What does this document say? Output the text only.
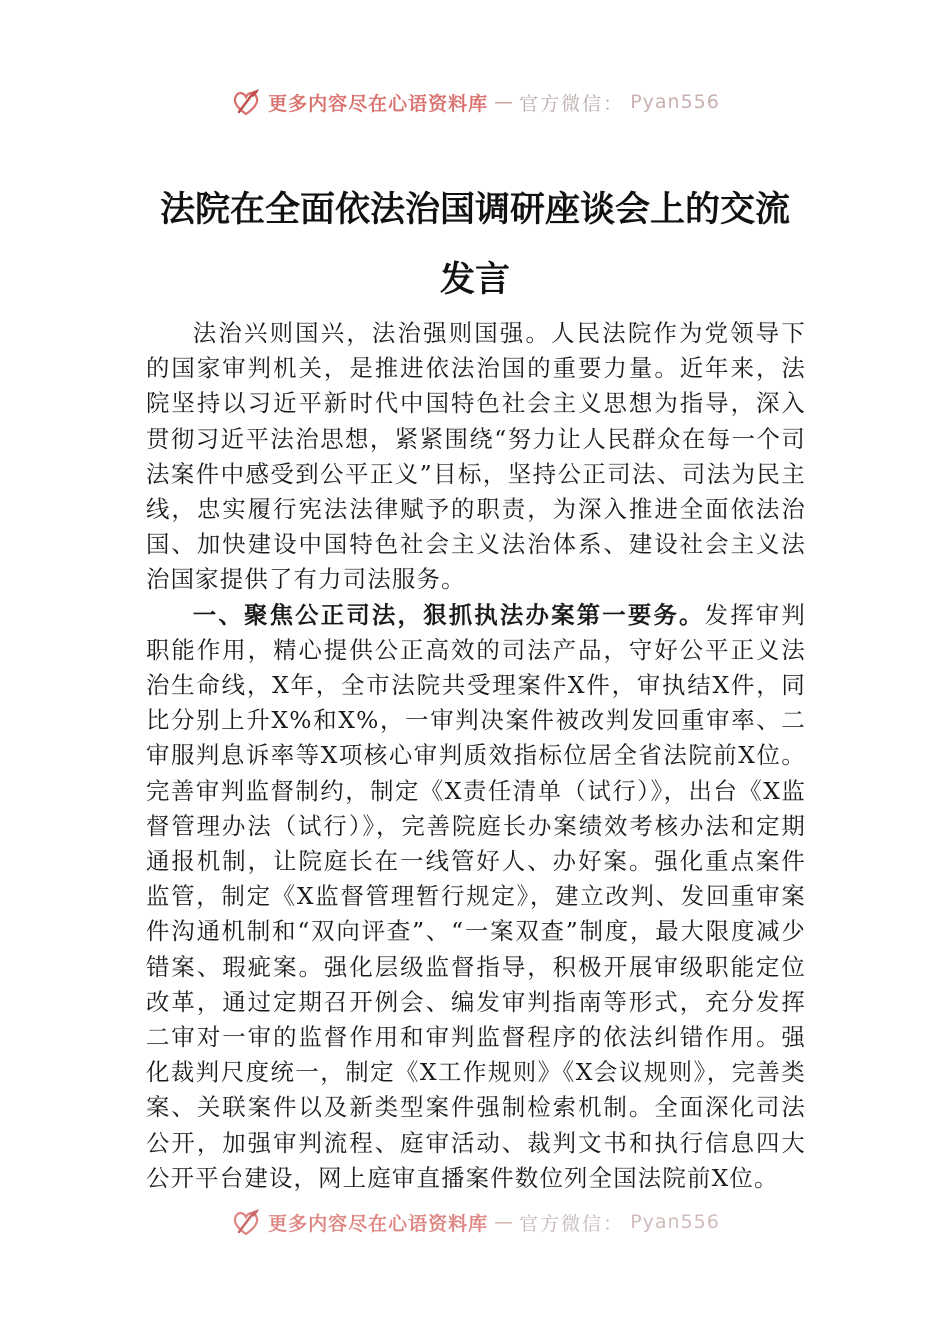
更多内容尽在心语资料库 — 官方微信： Pyan556
法院在全面依法治国调研座谈会上的交流
发言

法治兴则国兴，法治强则国强。人民法院作为党领导下的国家审判机关，是推进依法治国的重要力量。近年来，法院坚持以习近平新时代中国特色社会主义思想为指导，深入贯彻习近平法治思想，紧紧围绕“努力让人民群众在每一个司法案件中感受到公平正义”目标，坚持公正司法、司法为民主线，忠实履行宪法法律赋予的职责，为深入推进全面依法治国、加快建设中国特色社会主义法治体系、建设社会主义法治国家提供了有力司法服务。

一、聚焦公正司法，狠抓执法办案第一要务。发挥审判职能作用，精心提供公正高效的司法产品，守好公平正义法治生命线，X年，全市法院共受理案件X件，审执结X件，同比分别上升X%和X%，一审判决案件被改判发回重审率、二审服判息诉率等X项核心审判质效指标位居全省法院前X位。完善审判监督制约，制定《X责任清单（试行）》，出台《X监督管理办法（试行）》，完善院庭长办案绩效考核办法和定期通报机制，让院庭长在一线管好人、办好案。强化重点案件监管，制定《X监督管理暂行规定》，建立改判、发回重审案件沟通机制和“双向评查”、“一案双查”制度，最大限度减少错案、瑕疵案。强化层级监督指导，积极开展审级职能定位改革，通过定期召开例会、编发审判指南等形式，充分发挥二审对一审的监督作用和审判监督程序的依法纠错作用。强化裁判尺度统一，制定《X工作规则》《X会议规则》，完善类案、关联案件以及新类型案件强制检索机制。全面深化司法公开，加强审判流程、庭审活动、裁判文书和执行信息四大公开平台建设，网上庭审直播案件数位列全国法院前X位。

更多内容尽在心语资料库 — 官方微信： Pyan556
